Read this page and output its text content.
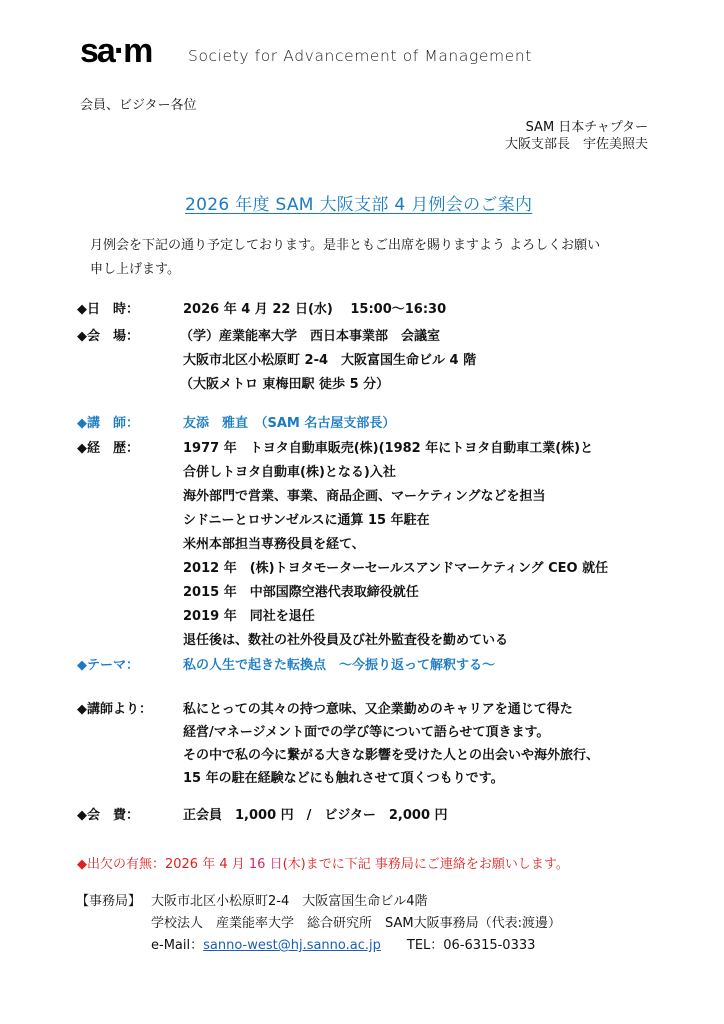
sa·m Society for Advancement of Management
会員、ビジター各位
SAM 日本チャプター
大阪支部長　宇佐美照夫
2026 年度 SAM 大阪支部 4 月例会のご案内
月例会を下記の通り予定しております。是非ともご出席を賜りますよう よろしくお願い
申し上げます。
◆日　時：	2026 年 4 月 22 日(水)　 15:00～16:30
◆会　場：	（学）産業能率大学　西日本事業部　会議室
大阪市北区小松原町 2-4　大阪富国生命ビル 4 階
（大阪メトロ 東梅田駅 徒歩 5 分）
◆講　師：	友添　雅直　（SAM 名古屋支部長）
◆経　歴：	1977 年　トヨタ自動車販売(株)(1982 年にトヨタ自動車工業(株)と
合併しトヨタ自動車(株)となる)入社
海外部門で営業、事業、商品企画、マーケティングなどを担当
シドニーとロサンゼルスに通算 15 年駐在
米州本部担当専務役員を経て、
2012 年　(株)トヨタモーターセールスアンドマーケティング CEO 就任
2015 年　中部国際空港代表取締役就任
2019 年　同社を退任
退任後は、数社の社外役員及び社外監査役を勤めている
◆テーマ：	私の人生で起きた転換点　～今振り返って解釈する～
◆講師より： 私にとっての其々の持つ意味、又企業勤めのキャリアを通じて得た
経営/マネージメント面での学び等について語らせて頂きます。
その中で私の今に繋がる大きな影響を受けた人との出会いや海外旅行、
15 年の駐在経験などにも触れさせて頂くつもりです。
◆会　費：	正会員　1,000 円　/　ビジター　2,000 円
◆出欠の有無：2026 年 4 月 16 日(木)までに下記 事務局にご連絡をお願いします。
【事務局】 大阪市北区小松原町2-4　大阪富国生命ビル4階
学校法人　産業能率大学　総合研究所　SAM大阪事務局（代表:渡邊）
e-Mail：sanno-west@hj.sanno.ac.jp TEL：06-6315-0333
